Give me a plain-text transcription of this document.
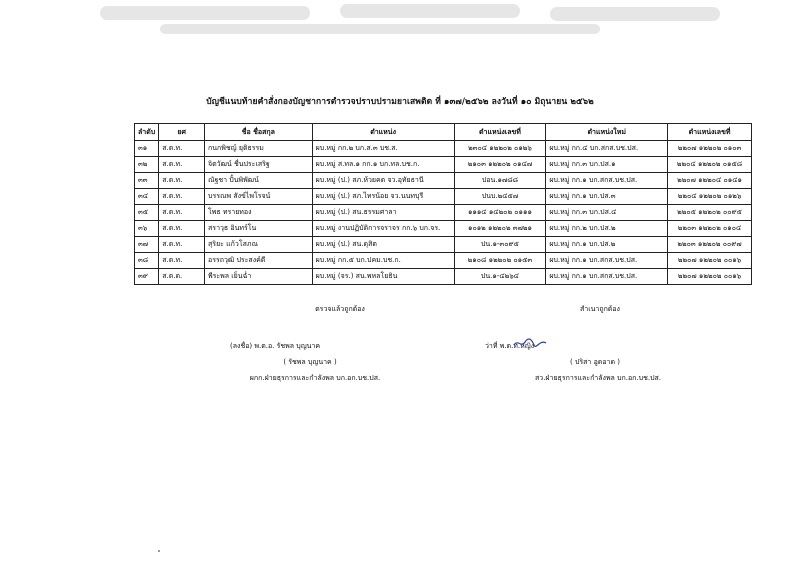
บัญชีแนบท้ายคำสั่งกองบัญชาการตำรวจปราบปรามยาเสพติด ที่ ๑๓๗/๒๕๖๒ ลงวันที่ ๑๐ มิถุนายน ๒๕๖๒
ลำดับ	ยศ	ชื่อ ชื่อสกุล	ตำแหน่ง	ตำแหน่งเลขที่	ตำแหน่งใหม่	ตำแหน่งเลขที่
๓๑	ส.ต.ท.	กนกพิชญ์ ยุติธรรม	ผบ.หมู่ กก.๒ บก.ส.๓ บช.ส.	๒๓๐๔ ๑๒๒๐๒ ๐๑๒๖	ผบ.หมู่ กก.๔ บก.สกส.บช.ปส.	๒๒๐๗ ๑๒๒๐๒ ๐๑๐๓
๓๒	ส.ต.ท.	จิตวัฒน์ ชื่นประเสริฐ	ผบ.หมู่ ส.ทล.๑ กก.๑ บก.ทล.บช.ก.	๒๑๐๓ ๑๒๒๐๒ ๐๑๔๗	ผบ.หมู่ กก.๓ บก.ปส.๑	๒๒๐๔ ๑๒๒๐๒ ๐๑๕๘
๓๓	ส.ต.ท.	ณัฐชา ปั้นพิพัฒน์	ผบ.หมู่ (ป.) สภ.ห้วยคต จว.อุทัยธานี	ปอน.๑๗๘๘	ผบ.หมู่ กก.๑ บก.สกส.บช.ปส.	๒๒๐๗ ๑๒๒๐๔ ๐๑๔๑
๓๔	ส.ต.ท.	บรรณพ สังข์ไพโรจน์	ผบ.หมู่ (ป.) สภ.ไทรน้อย จว.นนทบุรี	ปนบ.๒๔๕๗	ผบ.หมู่ กก.๑ บก.ปส.๓	๒๒๐๔ ๑๒๒๐๒ ๐๑๒๖
๓๕	ส.ต.ท.	โพธ ทรายทอง	ผบ.หมู่ (ป.) สน.ธรรมศาลา	๑๑๑๔ ๑๔๒๐๒ ๐๑๑๑	ผบ.หมู่ กก.๓ บก.ปส.๔	๒๒๐๕ ๑๒๒๐๒ ๐๐๙๕
๓๖	ส.ต.ท.	สราวุธ อินทร์โน	ผบ.หมู่ งานปฏิบัติการจราจร กก.๖ บก.จร.	๑๐๑๒ ๑๒๒๐๒ ๓๗๒๑	ผบ.หมู่ กก.๒ บก.ปส.๒	๒๒๐๓ ๑๒๒๐๒ ๐๑๐๔
๓๗	ส.ต.ท.	สุริยะ แก้วโสภณ	ผบ.หมู่ (ป.) สน.ดุสิต	ปน.๑-๓๐๙๕	ผบ.หมู่ กก.๑ บก.ปส.๒	๒๒๐๓ ๑๒๒๐๒ ๐๐๙๗
๓๘	ส.ต.ท.	อรรถวุฒิ ประสงค์ดี	ผบ.หมู่ กก.๕ บก.ปคม.บช.ก.	๒๑๐๘ ๑๒๒๐๒ ๐๑๕๓	ผบ.หมู่ กก.๑ บก.สกส.บช.ปส.	๒๒๐๗ ๑๒๒๐๒ ๐๐๑๖
๓๙	ส.ต.ต.	พีระพล เย็นฉ่ำ	ผบ.หมู่ (จร.) สน.พหลโยธิน	ปน.๑-๔๒๖๔	ผบ.หมู่ กก.๑ บก.สกส.บช.ปส.	๒๒๐๗ ๑๒๒๐๒ ๐๐๑๖
ตรวจแล้วถูกต้อง
(ลงชื่อ) พ.ต.อ. รัชพล บุญนาค
( รัชพล บุญนาค )
ผกก.ฝ่ายธุรการและกำลังพล บก.อก.บช.ปส.
สำเนาถูกต้อง
ว่าที่ พ.ต.ท.หญิง
( ปริสา อูดอาด )
สว.ฝ่ายธุรการและกำลังพล บก.อก.บช.ปส.
